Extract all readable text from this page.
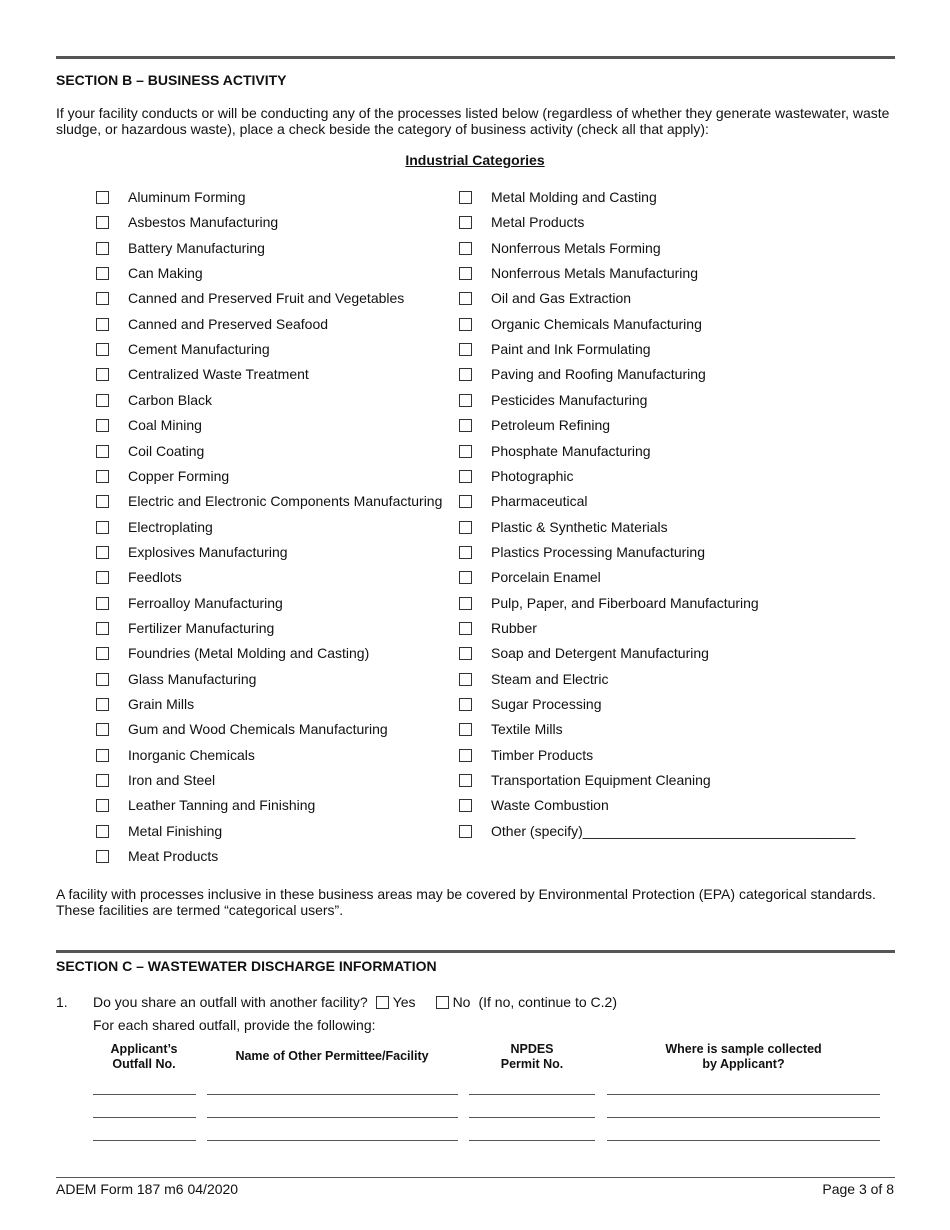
SECTION B – BUSINESS ACTIVITY
If your facility conducts or will be conducting any of the processes listed below (regardless of whether they generate wastewater, waste sludge, or hazardous waste), place a check beside the category of business activity (check all that apply):
Industrial Categories
Aluminum Forming
Asbestos Manufacturing
Battery Manufacturing
Can Making
Canned and Preserved Fruit and Vegetables
Canned and Preserved Seafood
Cement Manufacturing
Centralized Waste Treatment
Carbon Black
Coal Mining
Coil Coating
Copper Forming
Electric and Electronic Components Manufacturing
Electroplating
Explosives Manufacturing
Feedlots
Ferroalloy Manufacturing
Fertilizer Manufacturing
Foundries (Metal Molding and Casting)
Glass Manufacturing
Grain Mills
Gum and Wood Chemicals Manufacturing
Inorganic Chemicals
Iron and Steel
Leather Tanning and Finishing
Metal Finishing
Meat Products
Metal Molding and Casting
Metal Products
Nonferrous Metals Forming
Nonferrous Metals Manufacturing
Oil and Gas Extraction
Organic Chemicals Manufacturing
Paint and Ink Formulating
Paving and Roofing Manufacturing
Pesticides Manufacturing
Petroleum Refining
Phosphate Manufacturing
Photographic
Pharmaceutical
Plastic & Synthetic Materials
Plastics Processing Manufacturing
Porcelain Enamel
Pulp, Paper, and Fiberboard Manufacturing
Rubber
Soap and Detergent Manufacturing
Steam and Electric
Sugar Processing
Textile Mills
Timber Products
Transportation Equipment Cleaning
Waste Combustion
Other (specify)___________________________________
A facility with processes inclusive in these business areas may be covered by Environmental Protection (EPA) categorical standards. These facilities are termed “categorical users”.
SECTION C – WASTEWATER DISCHARGE INFORMATION
1.	Do you share an outfall with another facility? Yes	No (If no, continue to C.2)
For each shared outfall, provide the following:
Applicant’s
Outfall No.
Name of Other Permittee/Facility	NPDES
Permit No.
Where is sample collected
by Applicant?
ADEM Form 187 m6 04/2020	Page 3 of 8
